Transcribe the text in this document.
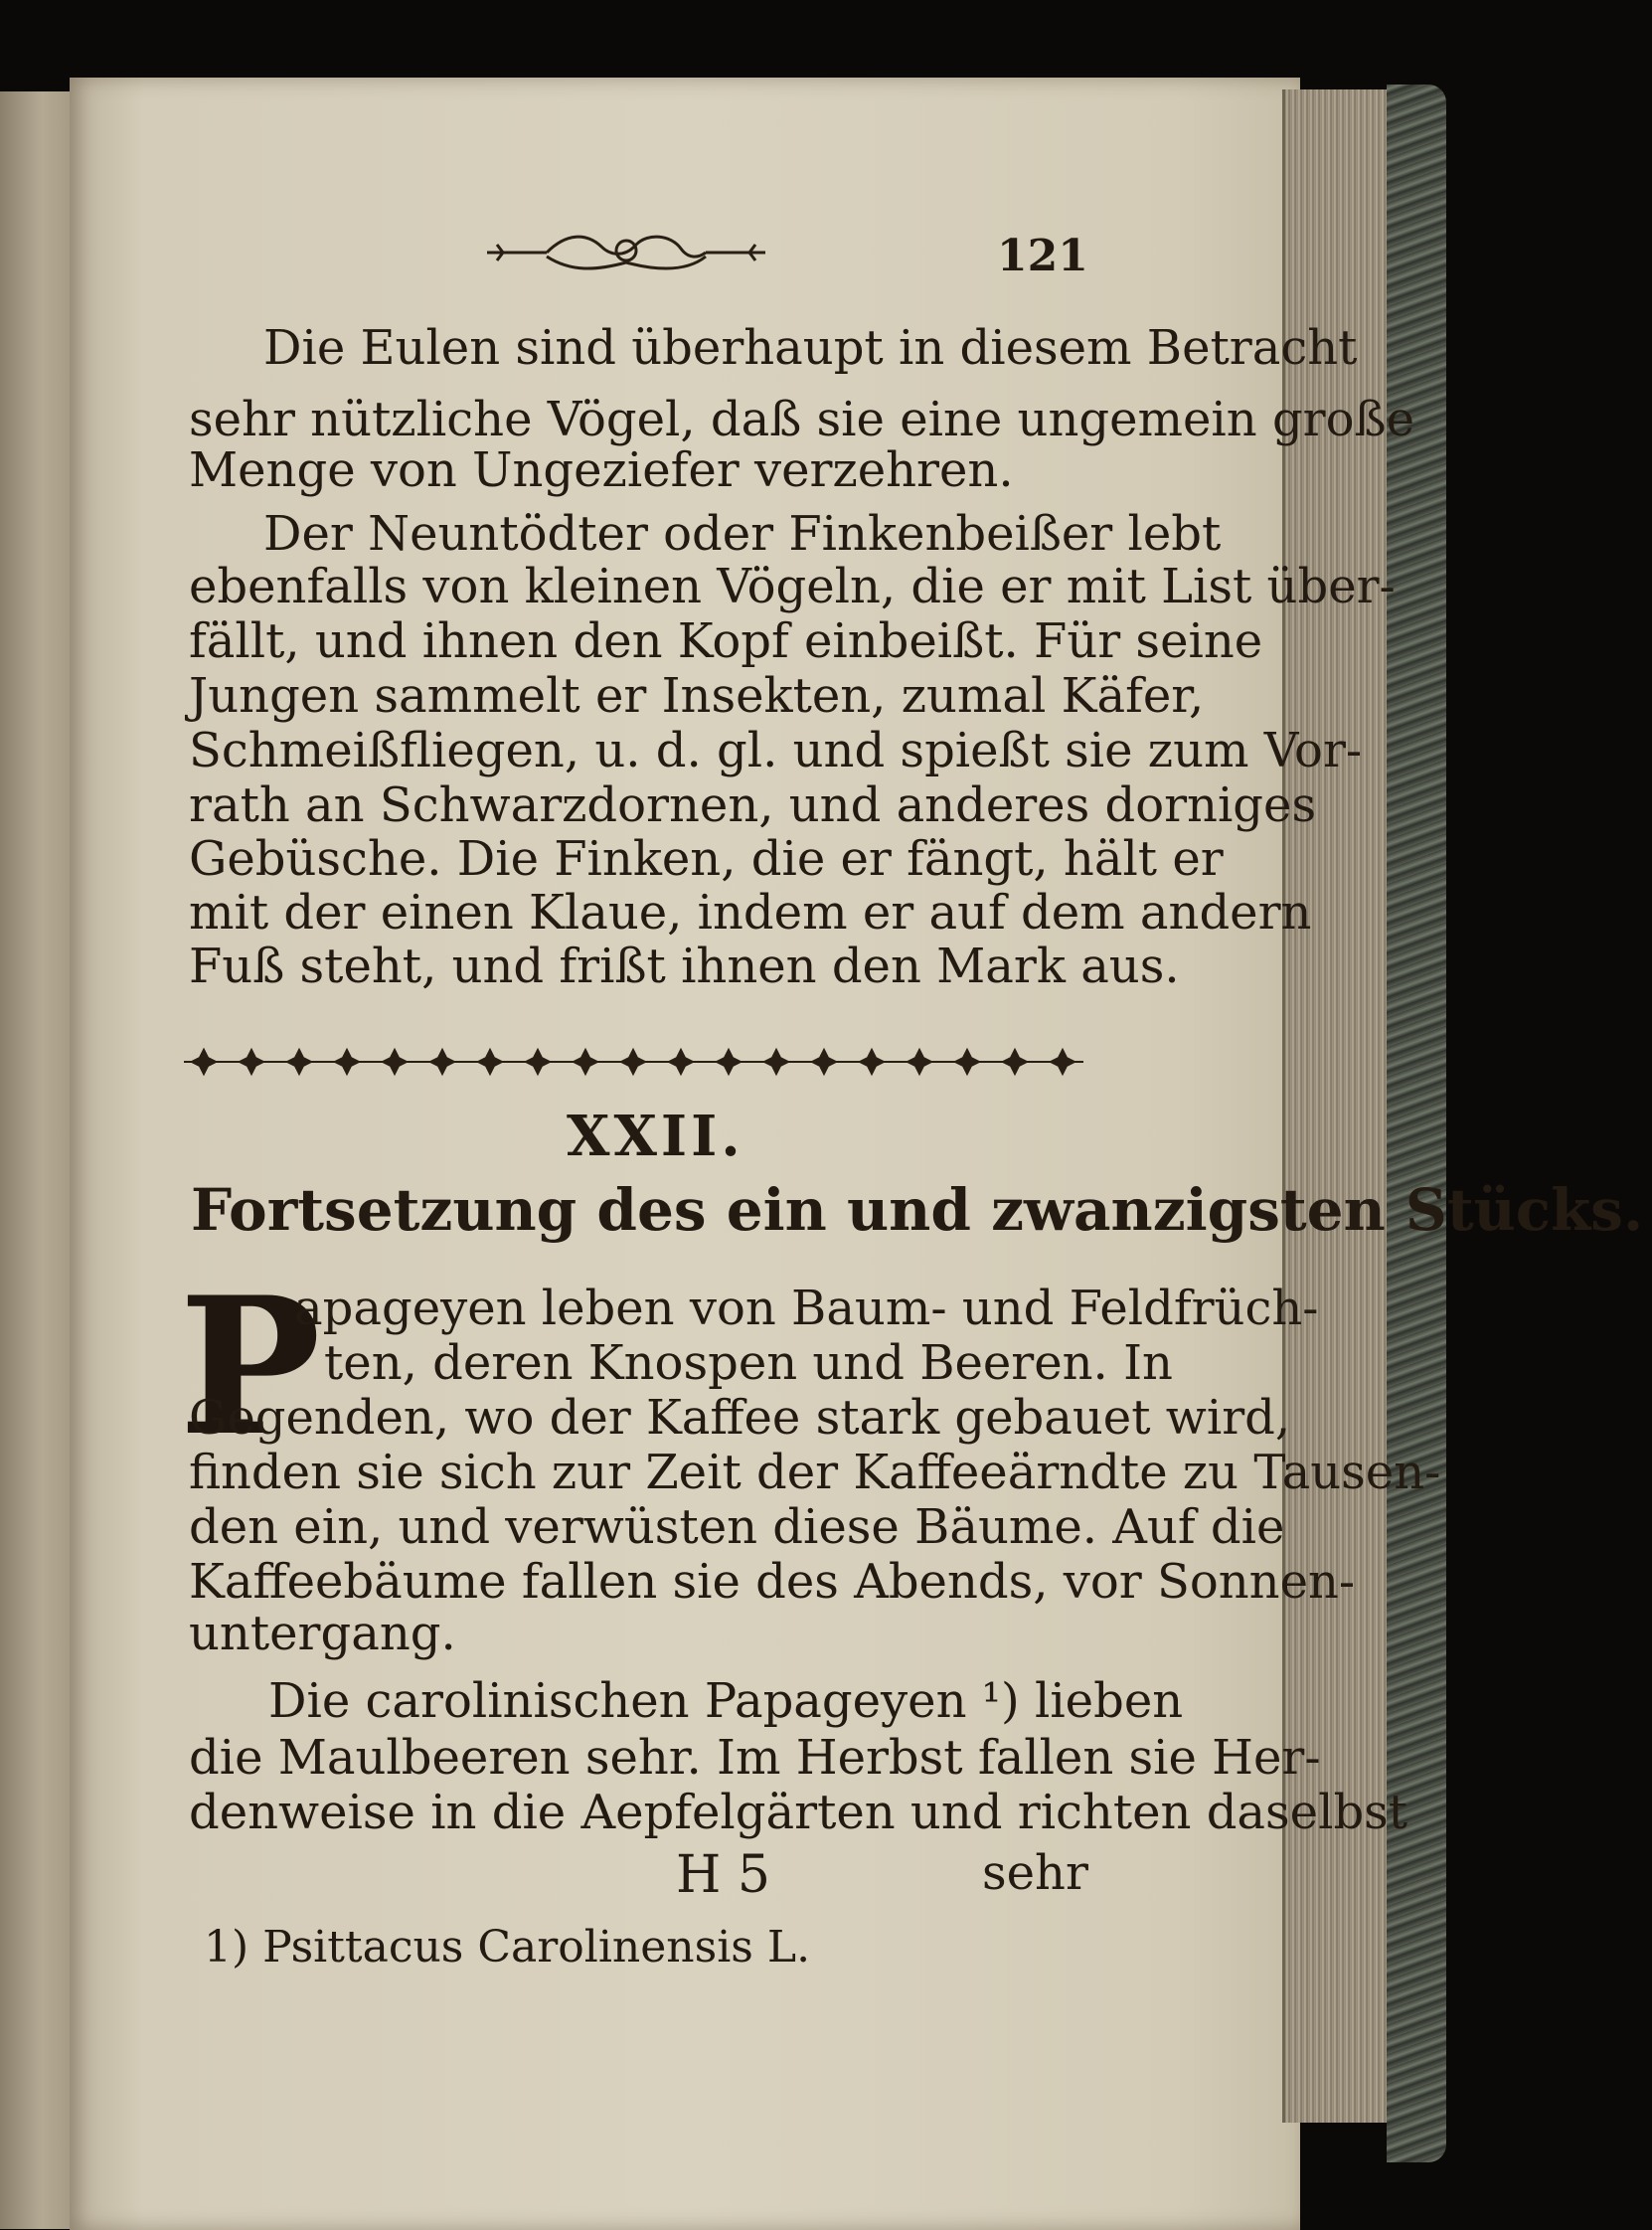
121
Die Eulen sind überhaupt in diesem Betracht
sehr nützliche Vögel, daß sie eine ungemein große
Menge von Ungeziefer verzehren.
Der Neuntödter oder Finkenbeißer lebt
ebenfalls von kleinen Vögeln, die er mit List über-
fällt, und ihnen den Kopf einbeißt. Für seine
Jungen sammelt er Insekten, zumal Käfer,
Schmeißfliegen, u. d. gl. und spießt sie zum Vor-
rath an Schwarzdornen, und anderes dorniges
Gebüsche. Die Finken, die er fängt, hält er
mit der einen Klaue, indem er auf dem andern
Fuß steht, und frißt ihnen den Mark aus.
XXII.
Fortsetzung des ein und zwanzigsten Stücks.
P
apageyen leben von Baum- und Feldfrüch-
ten, deren Knospen und Beeren. In
Gegenden, wo der Kaffee stark gebauet wird,
finden sie sich zur Zeit der Kaffeeärndte zu Tausen-
den ein, und verwüsten diese Bäume. Auf die
Kaffeebäume fallen sie des Abends, vor Sonnen-
untergang.
Die carolinischen Papageyen ¹) lieben
die Maulbeeren sehr. Im Herbst fallen sie Her-
denweise in die Aepfelgärten und richten daselbst
H 5	sehr
1) Psittacus Carolinensis L.
